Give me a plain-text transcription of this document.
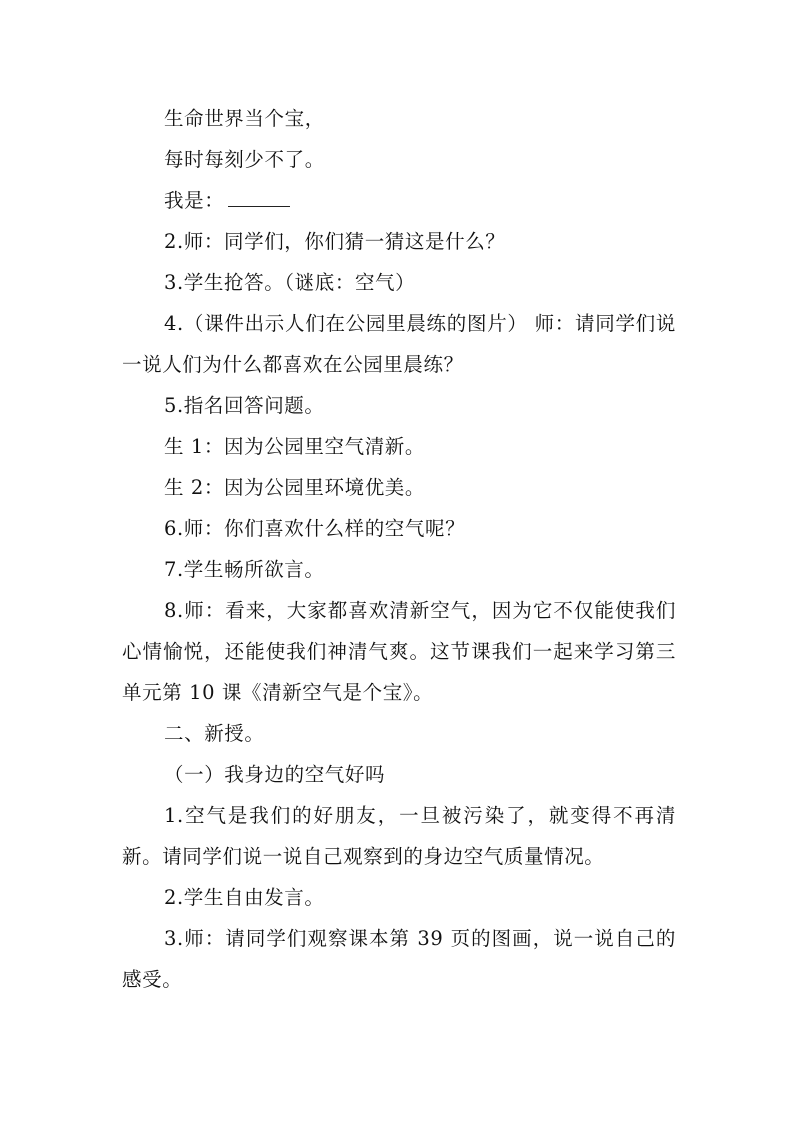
生命世界当个宝，

每时每刻少不了。

我是：

2.师：同学们，你们猜一猜这是什么？

3.学生抢答。（谜底：空气）

4.（课件出示人们在公园里晨练的图片） 师：请同学们说一说人们为什么都喜欢在公园里晨练？

5.指名回答问题。

生 1：因为公园里空气清新。

生 2：因为公园里环境优美。

6.师：你们喜欢什么样的空气呢？

7.学生畅所欲言。

8.师：看来，大家都喜欢清新空气，因为它不仅能使我们心情愉悦，还能使我们神清气爽。这节课我们一起来学习第三单元第 10 课《清新空气是个宝》。

二、新授。

（一）我身边的空气好吗

1.空气是我们的好朋友，一旦被污染了，就变得不再清新。请同学们说一说自己观察到的身边空气质量情况。

2.学生自由发言。

3.师：请同学们观察课本第 39 页的图画，说一说自己的感受。
